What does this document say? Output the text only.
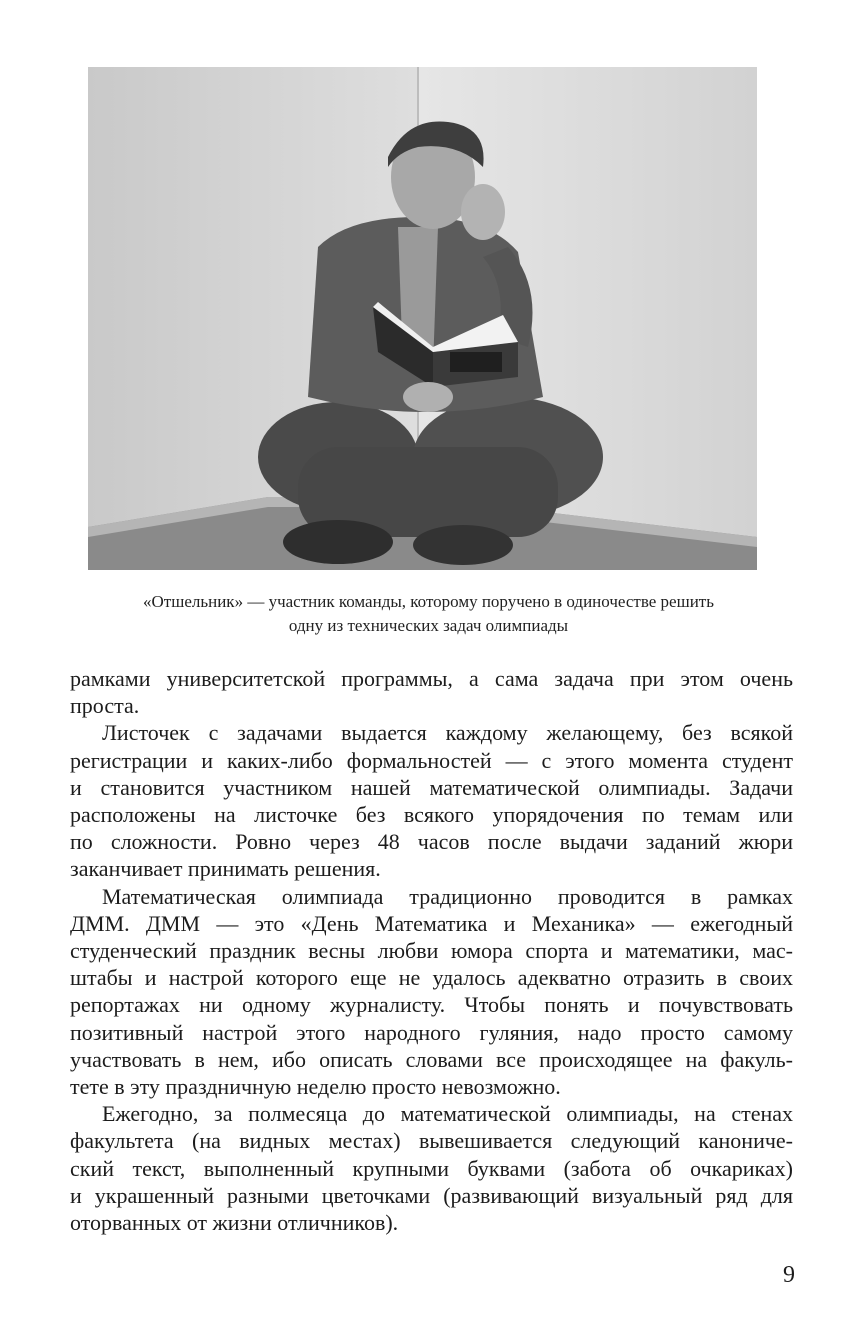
«Отшельник» — участник команды, которому поручено в одиночестве решить
одну из технических задач олимпиады

рамками университетской программы, а сама задача при этом очень
проста.

Листочек с задачами выдается каждому желающему, без всякой
регистрации и каких-либо формальностей — с этого момента студент
и становится участником нашей математической олимпиады. Задачи
расположены на листочке без всякого упорядочения по темам или
по сложности. Ровно через 48 часов после выдачи заданий жюри
заканчивает принимать решения.

Математическая олимпиада традиционно проводится в рамках
ДММ. ДММ — это «День Математика и Механика» — ежегодный
студенческий праздник весны любви юмора спорта и математики, мас-
штабы и настрой которого еще не удалось адекватно отразить в своих
репортажах ни одному журналисту. Чтобы понять и почувствовать
позитивный настрой этого народного гуляния, надо просто самому
участвовать в нем, ибо описать словами все происходящее на факуль-
тете в эту праздничную неделю просто невозможно.

Ежегодно, за полмесяца до математической олимпиады, на стенах
факультета (на видных местах) вывешивается следующий канониче-
ский текст, выполненный крупными буквами (забота об очкариках)
и украшенный разными цветочками (развивающий визуальный ряд для
оторванных от жизни отличников).

9
